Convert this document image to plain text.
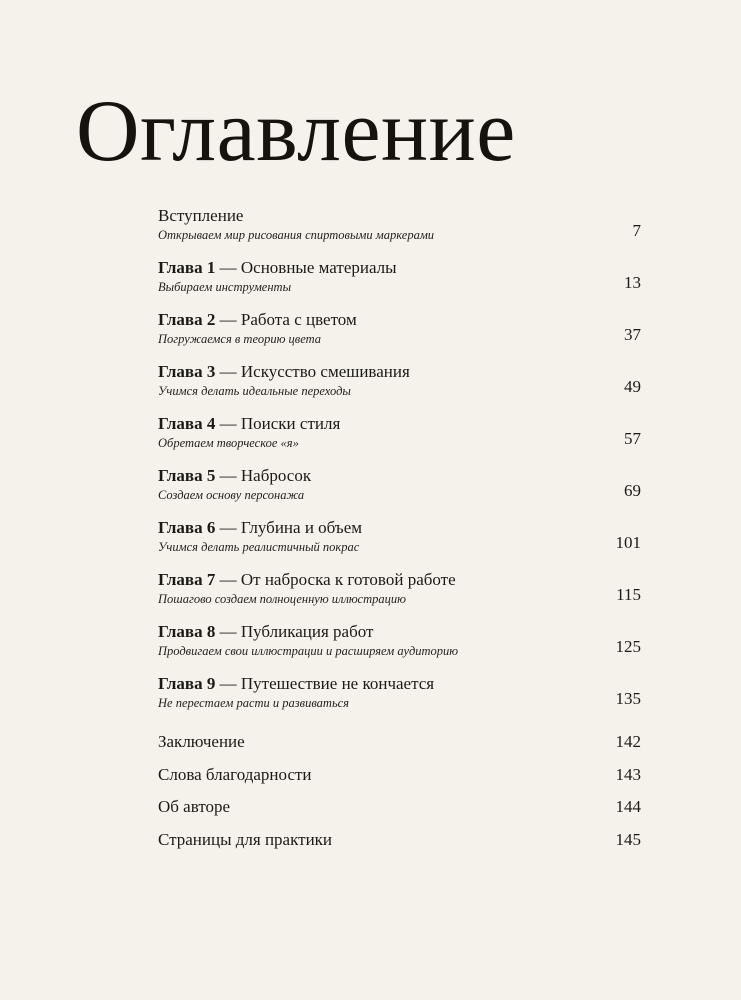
Оглавление
Вступление
Открываем мир рисования спиртовыми маркерами	7
Глава 1 — Основные материалы
Выбираем инструменты	13
Глава 2 — Работа с цветом
Погружаемся в теорию цвета	37
Глава 3 — Искусство смешивания
Учимся делать идеальные переходы	49
Глава 4 — Поиски стиля
Обретаем творческое «я»	57
Глава 5 — Набросок
Создаем основу персонажа	69
Глава 6 — Глубина и объем
Учимся делать реалистичный покрас	101
Глава 7 — От наброска к готовой работе
Пошагово создаем полноценную иллюстрацию	115
Глава 8 — Публикация работ
Продвигаем свои иллюстрации и расширяем аудиторию	125
Глава 9 — Путешествие не кончается
Не перестаем расти и развиваться	135
Заключение	142
Слова благодарности	143
Об авторе	144
Страницы для практики	145
